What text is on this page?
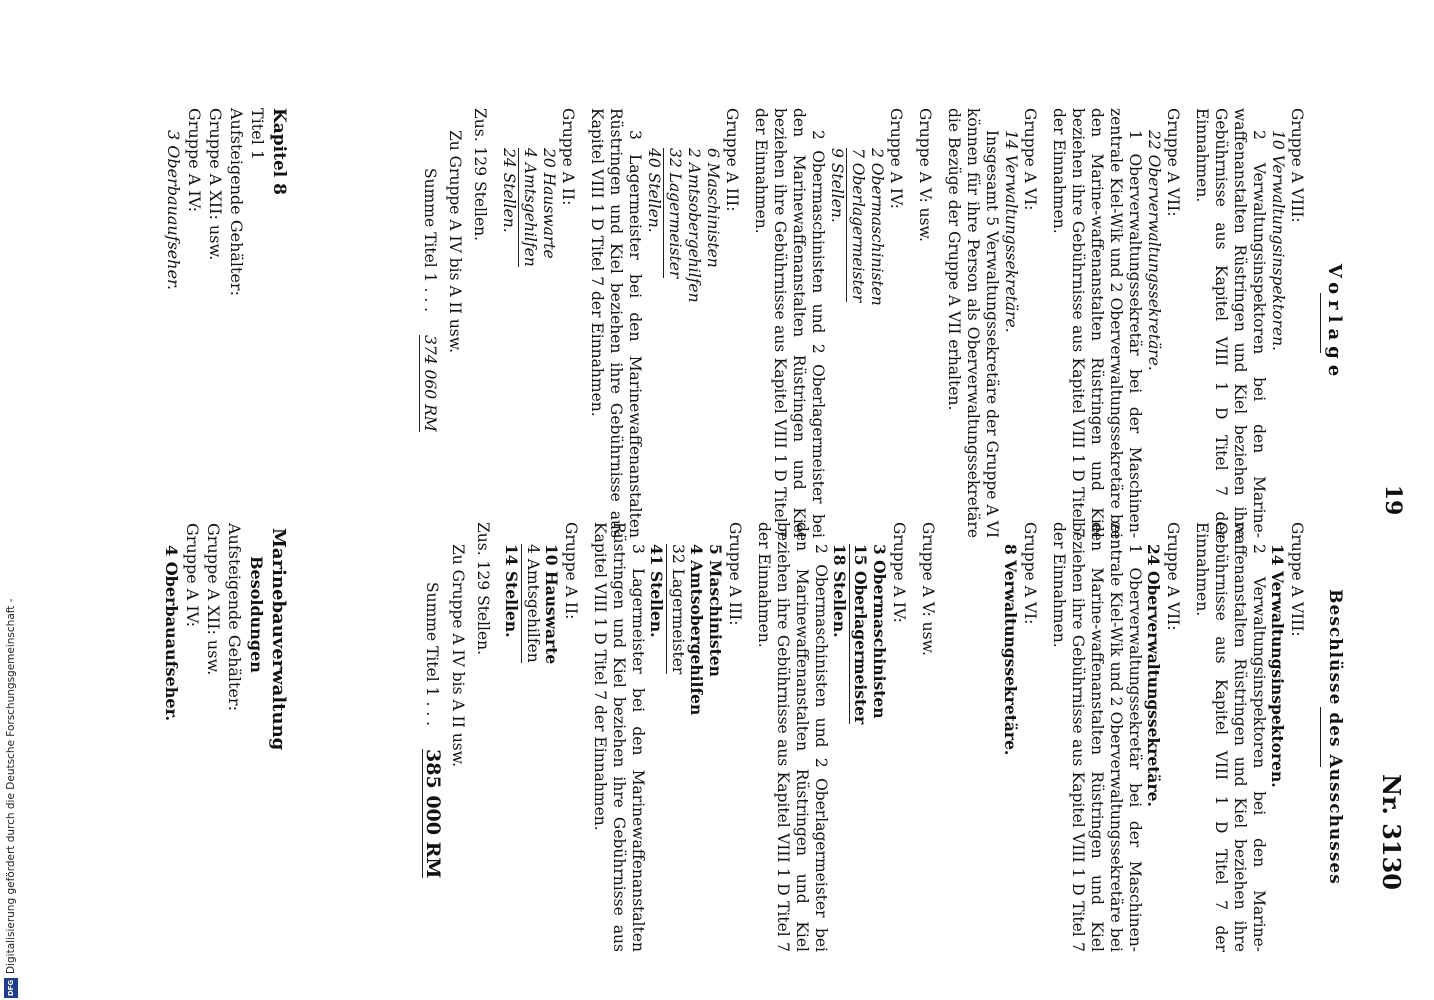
19
Nr. 3130
Vorlage
Gruppe A VIII:
10 Verwaltungsinspektoren.
2 Verwaltungsinspektoren bei den Marine-waffenanstalten Rüstringen und Kiel beziehen ihre Gebührnisse aus Kapitel VIII 1 D Titel 7 der Einnahmen.
Gruppe A VII:
22 Oberverwaltungssekretäre.
1 Oberverwaltungssekretär bei der Maschinen-zentrale Kiel-Wik und 2 Oberverwaltungssekretäre bei den Marine-waffenanstalten Rüstringen und Kiel beziehen ihre Gebührnisse aus Kapitel VIII 1 D Titel 7 der Einnahmen.
Gruppe A VI:
14 Verwaltungssekretäre.
Insgesamt 5 Verwaltungssekretäre der Gruppe A VI können für ihre Person als Oberverwaltungssekretäre die Bezüge der Gruppe A VII erhalten.
Gruppe A V: usw.
Gruppe A IV:
2 Obermaschinisten
7 Oberlagermeister
9 Stellen.
2 Obermaschinisten und 2 Oberlagermeister bei den Marinewaffenanstalten Rüstringen und Kiel beziehen ihre Gebührnisse aus Kapitel VIII 1 D Titel 7 der Einnahmen.
Gruppe A III:
6 Maschinisten
2 Amtsobergehilfen
32 Lagermeister
40 Stellen.
3 Lagermeister bei den Marinewaffenanstalten Rüstringen und Kiel beziehen ihre Gebührnisse aus Kapitel VIII 1 D Titel 7 der Einnahmen.
Gruppe A II:
20 Hauswarte
4 Amtsgehilfen
24 Stellen.
Zus. 129 Stellen.
Zu Gruppe A IV bis A II usw.
Summe Titel 1 . . . 374 060 RM
Beschlüsse des Ausschusses
Gruppe A VIII:
14 Verwaltungsinspektoren.
2 Verwaltungsinspektoren bei den Marine-waffenanstalten Rüstringen und Kiel beziehen ihre Gebührnisse aus Kapitel VIII 1 D Titel 7 der Einnahmen.
Gruppe A VII:
24 Oberverwaltungssekretäre.
1 Oberverwaltungssekretär bei der Maschinen-zentrale Kiel-Wik und 2 Oberverwaltungssekretäre bei den Marine-waffenanstalten Rüstringen und Kiel beziehen ihre Gebührnisse aus Kapitel VIII 1 D Titel 7 der Einnahmen.
Gruppe A VI:
8 Verwaltungssekretäre.
Gruppe A V: usw.
Gruppe A IV:
3 Obermaschinisten
15 Oberlagermeister
18 Stellen.
2 Obermaschinisten und 2 Oberlagermeister bei den Marinewaffenanstalten Rüstringen und Kiel beziehen ihre Gebührnisse aus Kapitel VIII 1 D Titel 7 der Einnahmen.
Gruppe A III:
5 Maschinisten
4 Amtsobergehilfen
32 Lagermeister
41 Stellen.
3 Lagermeister bei den Marinewaffenanstalten Rüstringen und Kiel beziehen ihre Gebührnisse aus Kapitel VIII 1 D Titel 7 der Einnahmen.
Gruppe A II:
10 Hauswarte
4 Amtsgehilfen
14 Stellen.
Zus. 129 Stellen.
Zu Gruppe A IV bis A II usw.
Summe Titel 1 . . . 385 000 RM
Kapitel 8
Titel 1
Aufsteigende Gehälter:
Gruppe A XII: usw.
Gruppe A IV:
3 Oberbauaufseher.
Marinebauverwaltung
Besoldungen
Aufsteigende Gehälter:
Gruppe A XII: usw.
Gruppe A IV:
4 Oberbauaufseher.
Digitalisierung gefördert durch die Deutsche Forschungsgemeinschaft -
DFG
